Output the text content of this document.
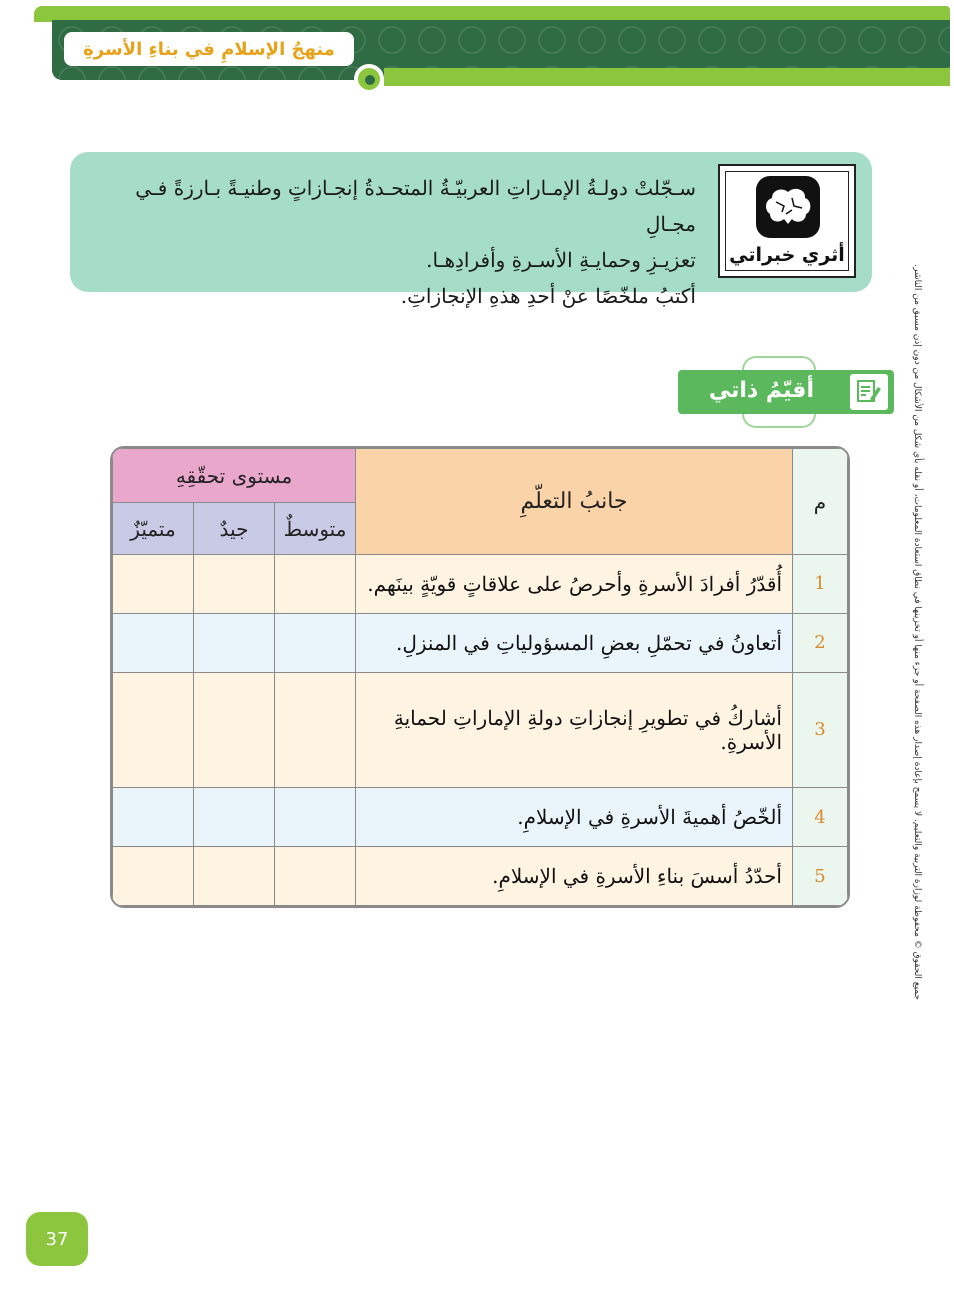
منهجُ الإسلامِ في بناءِ الأسرةِ
أثري خبراتي

سـجّلتْ دولـةُ الإمـاراتِ العربيّـةُ المتحـدةُ إنجـازاتٍ وطنيـةً بـارزةً فـي مجـالِ

تعزيـزِ وحمايـةِ الأسـرةِ وأفرادِهـا.

أكتبُ ملخّصًا عنْ أحدِ هذهِ الإنجازاتِ.

أقيّمُ ذاتي
م	جانبُ التعلّمِ	مستوى تحقّقِهِ		
		متوسطٌ	جيدٌ	متميّزٌ
1	أُقدّرُ أفرادَ الأسرةِ وأحرصُ على علاقاتٍ قويّةٍ بينَهم.			
2	أتعاونُ في تحمّلِ بعضِ المسؤولياتِ في المنزلِ.			
3	أشاركُ في تطويرِ إنجازاتِ دولةِ الإماراتِ لحمايةِ الأسرةِ.			
4	ألخّصُ أهميةَ الأسرةِ في الإسلامِ.			
5	أحدّدُ أسسَ بناءِ الأسرةِ في الإسلامِ.				جميع الحقوق © محفوظة لوزارة التربية والتعليم. لا يسمح بإعادة إصدار هذه الصفحة أو جزء منها أو تخزينها في نطاق استعادة المعلومات، أو نقله بأي شكل من الأشكال من دون إذن مسبق من الناشر.
37
